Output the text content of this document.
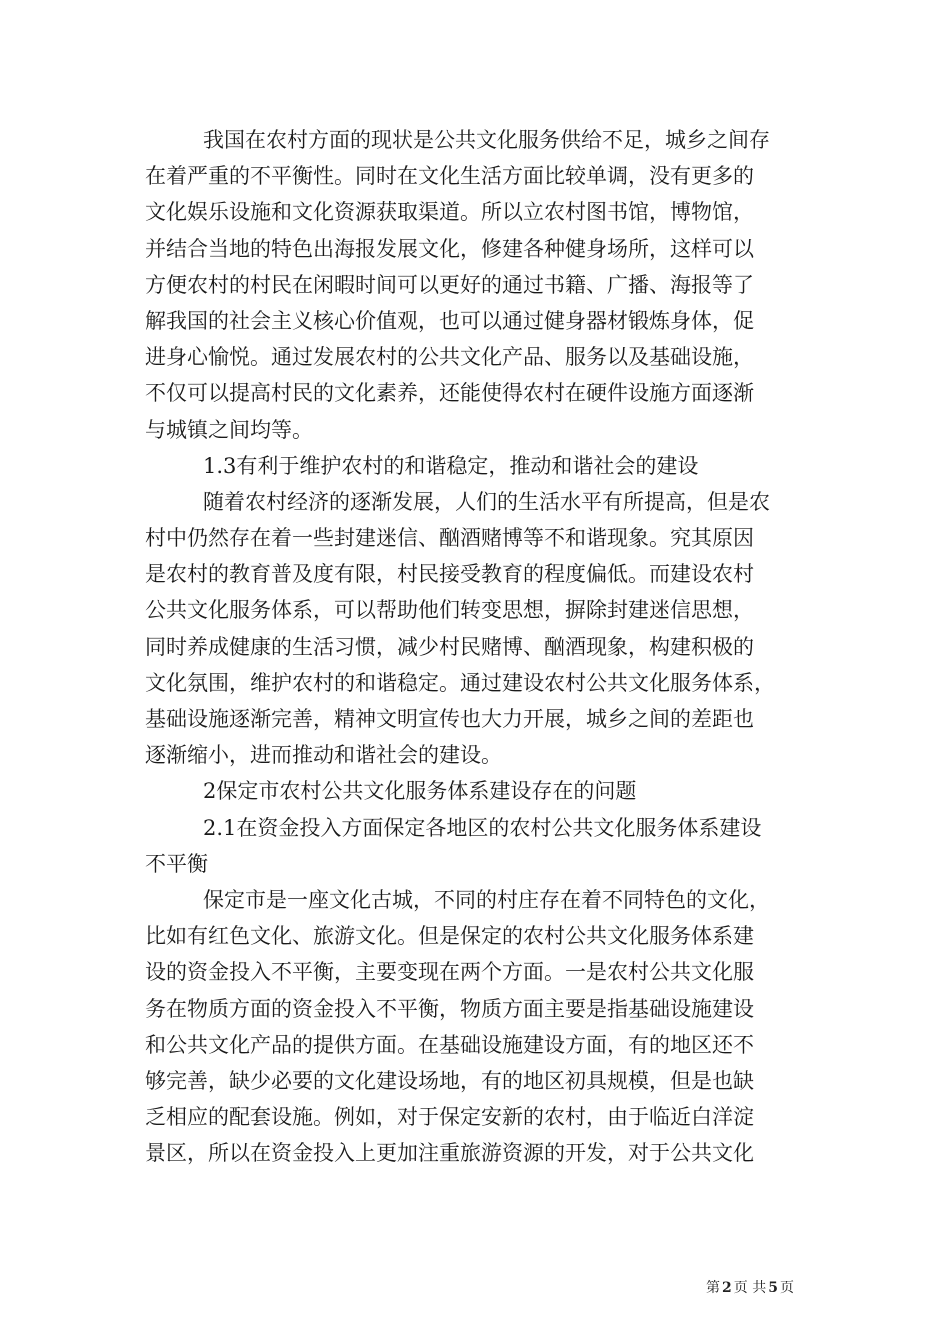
我国在农村方面的现状是公共文化服务供给不足，城乡之间存
在着严重的不平衡性。同时在文化生活方面比较单调，没有更多的
文化娱乐设施和文化资源获取渠道。所以立农村图书馆，博物馆，
并结合当地的特色出海报发展文化，修建各种健身场所，这样可以
方便农村的村民在闲暇时间可以更好的通过书籍、广播、海报等了
解我国的社会主义核心价值观，也可以通过健身器材锻炼身体，促
进身心愉悦。通过发展农村的公共文化产品、服务以及基础设施，
不仅可以提高村民的文化素养，还能使得农村在硬件设施方面逐渐
与城镇之间均等。
1.3有利于维护农村的和谐稳定，推动和谐社会的建设
随着农村经济的逐渐发展，人们的生活水平有所提高，但是农
村中仍然存在着一些封建迷信、酗酒赌博等不和谐现象。究其原因
是农村的教育普及度有限，村民接受教育的程度偏低。而建设农村
公共文化服务体系，可以帮助他们转变思想，摒除封建迷信思想，
同时养成健康的生活习惯，减少村民赌博、酗酒现象，构建积极的
文化氛围，维护农村的和谐稳定。通过建设农村公共文化服务体系，
基础设施逐渐完善，精神文明宣传也大力开展，城乡之间的差距也
逐渐缩小，进而推动和谐社会的建设。
2保定市农村公共文化服务体系建设存在的问题
2.1在资金投入方面保定各地区的农村公共文化服务体系建设
不平衡
保定市是一座文化古城，不同的村庄存在着不同特色的文化，
比如有红色文化、旅游文化。但是保定的农村公共文化服务体系建
设的资金投入不平衡，主要变现在两个方面。一是农村公共文化服
务在物质方面的资金投入不平衡，物质方面主要是指基础设施建设
和公共文化产品的提供方面。在基础设施建设方面，有的地区还不
够完善，缺少必要的文化建设场地，有的地区初具规模，但是也缺
乏相应的配套设施。例如，对于保定安新的农村，由于临近白洋淀
景区，所以在资金投入上更加注重旅游资源的开发，对于公共文化
第 2 页 共 5 页
